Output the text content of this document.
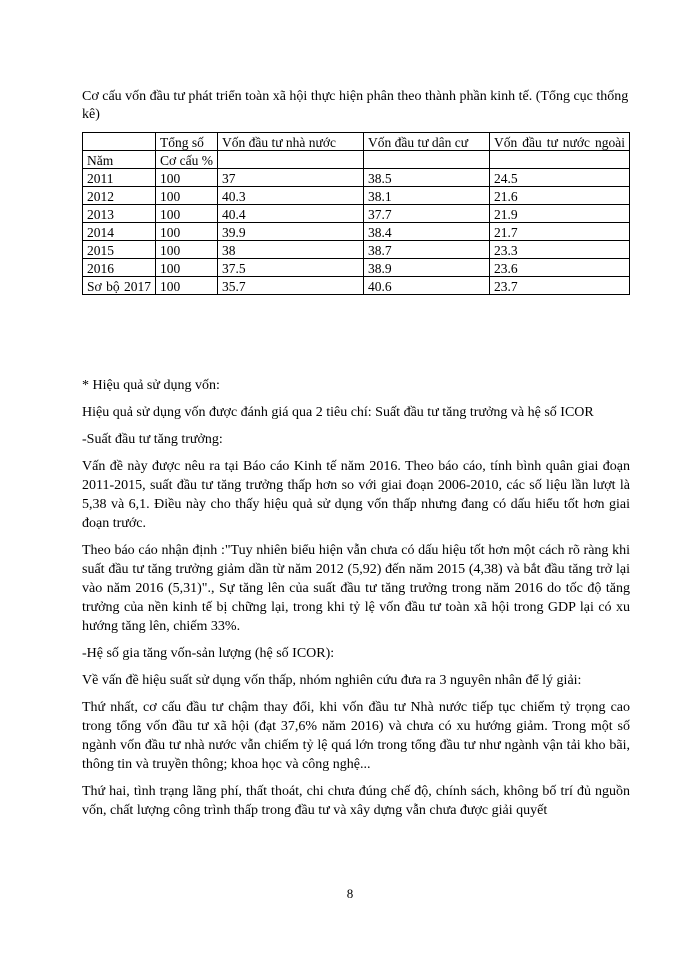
Cơ cấu vốn đầu tư phát triển toàn xã hội thực hiện phân theo thành phần kinh tế. (Tổng cục thống kê)
	Tổng số	Vốn đầu tư nhà nước	Vốn đầu tư dân cư	Vốn đầu tư nước ngoài
Năm	Cơ cấu %			
2011	100	37	38.5	24.5
2012	100	40.3	38.1	21.6
2013	100	40.4	37.7	21.9
2014	100	39.9	38.4	21.7
2015	100	38	38.7	23.3
2016	100	37.5	38.9	23.6
Sơ bộ 2017	100	35.7	40.6	23.7

* Hiệu quả sử dụng vốn:

Hiệu quả sử dụng vốn được đánh giá qua 2 tiêu chí: Suất đầu tư tăng trưởng và hệ số ICOR

-Suất đầu tư tăng trưởng:

Vấn đề này được nêu ra tại Báo cáo Kinh tế năm 2016. Theo báo cáo, tính bình quân giai đoạn 2011-2015, suất đầu tư tăng trưởng thấp hơn so với giai đoạn 2006-2010, các số liệu lần lượt là 5,38 và 6,1. Điều này cho thấy hiệu quả sử dụng vốn thấp nhưng đang có dấu hiểu tốt hơn giai đoạn trước.

Theo báo cáo nhận định :"Tuy nhiên biểu hiện vẫn chưa có dấu hiệu tốt hơn một cách rõ ràng khi suất đầu tư tăng trưởng giảm dần từ năm 2012 (5,92) đến năm 2015 (4,38) và bắt đầu tăng trở lại vào năm 2016 (5,31)"., Sự tăng lên của suất đầu tư tăng trưởng trong năm 2016 do tốc độ tăng trưởng của nền kinh tế bị chững lại, trong khi tỷ lệ vốn đầu tư toàn xã hội trong GDP lại có xu hướng tăng lên, chiếm 33%.

-Hệ số gia tăng vốn-sản lượng (hệ số ICOR):

Về vấn đề hiệu suất sử dụng vốn thấp, nhóm nghiên cứu đưa ra 3 nguyên nhân để lý giải:

Thứ nhất, cơ cấu đầu tư chậm thay đổi, khi vốn đầu tư Nhà nước tiếp tục chiếm tỷ trọng cao trong tổng vốn đầu tư xã hội (đạt 37,6% năm 2016) và chưa có xu hướng giảm. Trong một số ngành vốn đầu tư nhà nước vẫn chiếm tỷ lệ quá lớn trong tổng đầu tư như ngành vận tải kho bãi, thông tin và truyền thông; khoa học và công nghệ...

Thứ hai, tình trạng lãng phí, thất thoát, chi chưa đúng chế độ, chính sách, không bố trí đủ nguồn vốn, chất lượng công trình thấp trong đầu tư và xây dựng vẫn chưa được giải quyết

8
